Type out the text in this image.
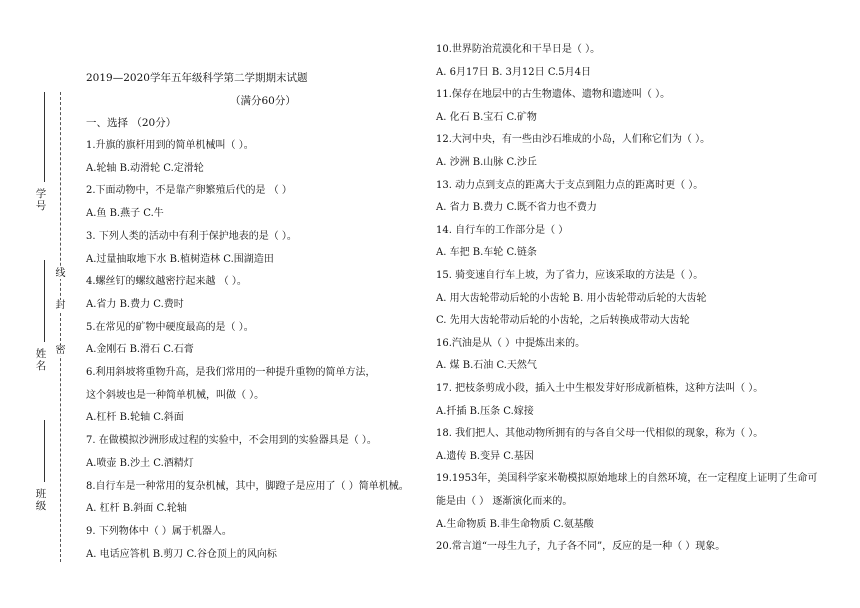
线
封
密
学号
姓名
班 级
2019—2020学年五年级科学第二学期期末试题
（满分60分）
一、选择 （20分）
1.升旗的旗杆用到的简单机械叫（ ）。
A.轮轴 B.动滑轮 C.定滑轮
2.下面动物中，不是靠产卵繁殖后代的是 （ ）
A.鱼 B.燕子 C.牛
3. 下列人类的活动中有利于保护地表的是（ ）。
A.过量抽取地下水 B.植树造林 C.围湖造田
4.螺丝钉的螺纹越密拧起来越 （ ）。
A.省力 B.费力 C.费时
5.在常见的矿物中硬度最高的是（ ）。
A.金刚石 B.滑石 C.石膏
6.利用斜坡将重物升高，是我们常用的一种提升重物的简单方法，
这个斜坡也是一种简单机械，叫做（ ）。
A.杠杆 B.轮轴 C.斜面
7. 在做模拟沙洲形成过程的实验中，不会用到的实验器具是（ ）。
A.喷壶 B.沙土 C.酒精灯
8.自行车是一种常用的复杂机械，其中，脚蹬子是应用了（ ）简单机械。
A. 杠杆 B.斜面 C.轮轴
9. 下列物体中（ ）属于机器人。
A. 电话应答机 B.剪刀 C.谷仓顶上的风向标
10.世界防治荒漠化和干旱日是（ ）。
A. 6月17日 B. 3月12日 C.5月4日
11.保存在地层中的古生物遗体、遗物和遗迹叫（ ）。
A. 化石 B.宝石 C.矿物
12.大河中央，有一些由沙石堆成的小岛，人们称它们为（ ）。
A. 沙洲 B.山脉 C.沙丘
13. 动力点到支点的距离大于支点到阻力点的距离时更（ ）。
A. 省力 B.费力 C.既不省力也不费力
14. 自行车的工作部分是（ ）
A. 车把 B.车轮 C.链条
15. 骑变速自行车上坡，为了省力，应该采取的方法是（ ）。
A. 用大齿轮带动后轮的小齿轮 B. 用小齿轮带动后轮的大齿轮
C. 先用大齿轮带动后轮的小齿轮，之后转换成带动大齿轮
16.汽油是从（ ）中提炼出来的。
A. 煤 B.石油 C.天然气
17. 把枝条剪成小段，插入土中生根发芽好形成新植株，这种方法叫（ ）。
A.扦插 B.压条 C.嫁接
18. 我们把人、其他动物所拥有的与各自父母一代相似的现象，称为（ ）。
A.遗传 B.变异 C.基因
19.1953年，美国科学家米勒模拟原始地球上的自然环境，在一定程度上证明了生命可
能是由（ ） 逐渐演化而来的。
A.生命物质 B.非生命物质 C.氨基酸
20.常言道“一母生九子，九子各不同”，反应的是一种（ ）现象。
